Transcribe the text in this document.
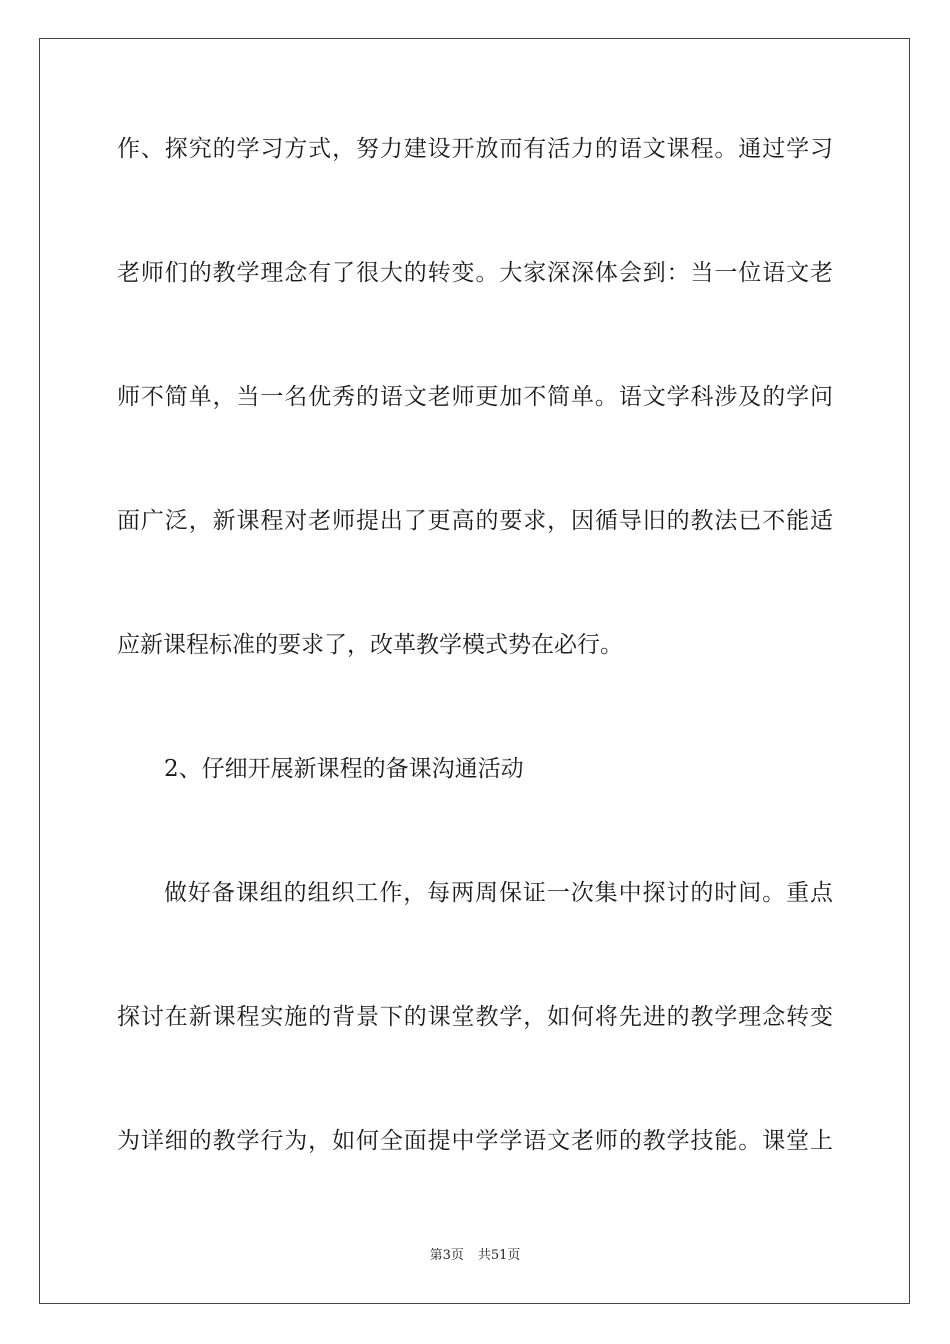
作、探究的学习方式，努力建设开放而有活力的语文课程。通过学习
老师们的教学理念有了很大的转变。大家深深体会到：当一位语文老
师不简单，当一名优秀的语文老师更加不简单。语文学科涉及的学问
面广泛，新课程对老师提出了更高的要求，因循导旧的教法已不能适
应新课程标准的要求了，改革教学模式势在必行。
2、仔细开展新课程的备课沟通活动
做好备课组的组织工作，每两周保证一次集中探讨的时间。重点
探讨在新课程实施的背景下的课堂教学，如何将先进的教学理念转变
为详细的教学行为，如何全面提中学学语文老师的教学技能。课堂上
第3页 共51页
